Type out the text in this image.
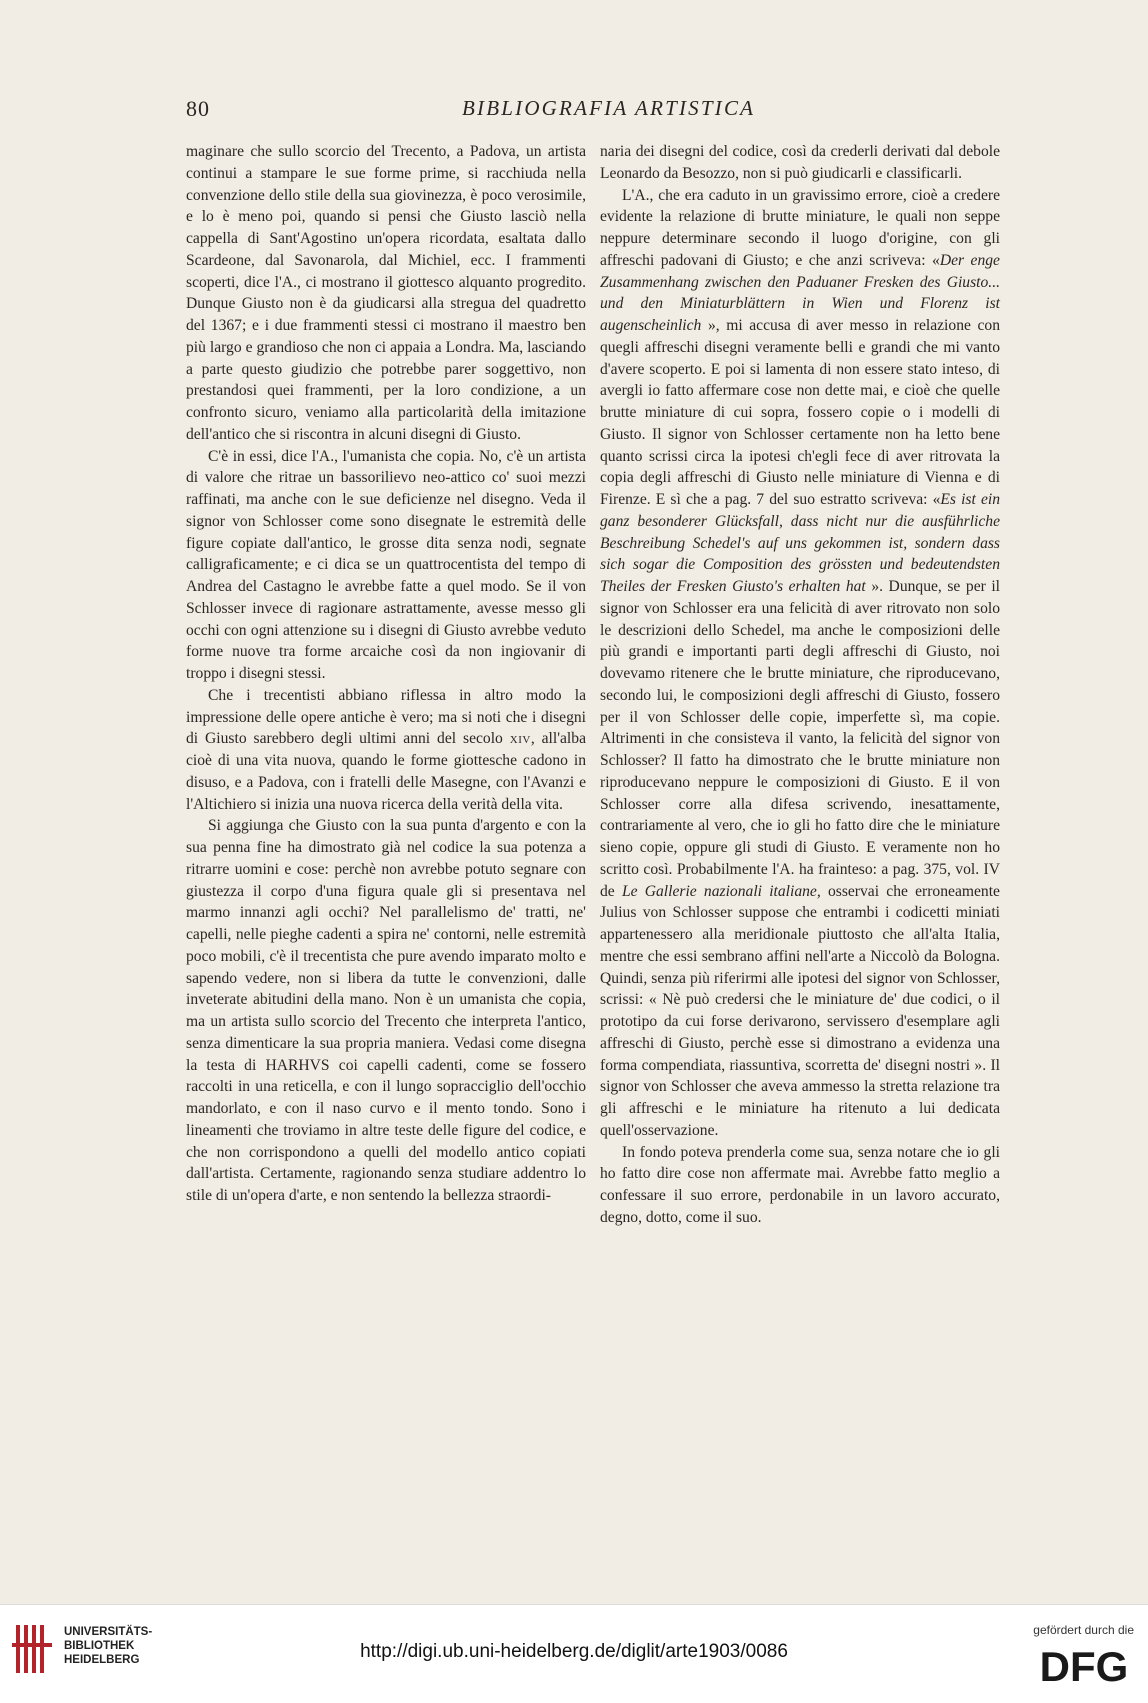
80	BIBLIOGRAFIA ARTISTICA

maginare che sullo scorcio del Trecento, a Padova, un artista continui a stampare le sue forme prime, si racchiuda nella convenzione dello stile della sua giovinezza, è poco verosimile, e lo è meno poi, quando si pensi che Giusto lasciò nella cappella di Sant'Agostino un'opera ricordata, esaltata dallo Scardeone, dal Savonarola, dal Michiel, ecc. I frammenti scoperti, dice l'A., ci mostrano il giottesco alquanto progredito. Dunque Giusto non è da giudicarsi alla stregua del quadretto del 1367; e i due frammenti stessi ci mostrano il maestro ben più largo e grandioso che non ci appaia a Londra. Ma, lasciando a parte questo giudizio che potrebbe parer soggettivo, non prestandosi quei frammenti, per la loro condizione, a un confronto sicuro, veniamo alla particolarità della imitazione dell'antico che si riscontra in alcuni disegni di Giusto.

C'è in essi, dice l'A., l'umanista che copia. No, c'è un artista di valore che ritrae un bassorilievo neo-attico co' suoi mezzi raffinati, ma anche con le sue deficienze nel disegno. Veda il signor von Schlosser come sono disegnate le estremità delle figure copiate dall'antico, le grosse dita senza nodi, segnate calligraficamente; e ci dica se un quattrocentista del tempo di Andrea del Castagno le avrebbe fatte a quel modo. Se il von Schlosser invece di ragionare astrattamente, avesse messo gli occhi con ogni attenzione su i disegni di Giusto avrebbe veduto forme nuove tra forme arcaiche così da non ingiovanir di troppo i disegni stessi.

Che i trecentisti abbiano riflessa in altro modo la impressione delle opere antiche è vero; ma si noti che i disegni di Giusto sarebbero degli ultimi anni del secolo xiv, all'alba cioè di una vita nuova, quando le forme giottesche cadono in disuso, e a Padova, con i fratelli delle Masegne, con l'Avanzi e l'Altichiero si inizia una nuova ricerca della verità della vita.

Si aggiunga che Giusto con la sua punta d'argento e con la sua penna fine ha dimostrato già nel codice la sua potenza a ritrarre uomini e cose: perchè non avrebbe potuto segnare con giustezza il corpo d'una figura quale gli si presentava nel marmo innanzi agli occhi? Nel parallelismo de' tratti, ne' capelli, nelle pieghe cadenti a spira ne' contorni, nelle estremità poco mobili, c'è il trecentista che pure avendo imparato molto e sapendo vedere, non si libera da tutte le convenzioni, dalle inveterate abitudini della mano. Non è un umanista che copia, ma un artista sullo scorcio del Trecento che interpreta l'antico, senza dimenticare la sua propria maniera. Vedasi come disegna la testa di HARHVS coi capelli cadenti, come se fossero raccolti in una reticella, e con il lungo sopracciglio dell'occhio mandorlato, e con il naso curvo e il mento tondo. Sono i lineamenti che troviamo in altre teste delle figure del codice, e che non corrispondono a quelli del modello antico copiati dall'artista. Certamente, ragionando senza studiare addentro lo stile di un'opera d'arte, e non sentendo la bellezza straordi-

naria dei disegni del codice, così da crederli derivati dal debole Leonardo da Besozzo, non si può giudicarli e classificarli.

L'A., che era caduto in un gravissimo errore, cioè a credere evidente la relazione di brutte miniature, le quali non seppe neppure determinare secondo il luogo d'origine, con gli affreschi padovani di Giusto; e che anzi scriveva: «Der enge Zusammenhang zwischen den Paduaner Fresken des Giusto... und den Miniaturblättern in Wien und Florenz ist augenscheinlich », mi accusa di aver messo in relazione con quegli affreschi disegni veramente belli e grandi che mi vanto d'avere scoperto. E poi si lamenta di non essere stato inteso, di avergli io fatto affermare cose non dette mai, e cioè che quelle brutte miniature di cui sopra, fossero copie o i modelli di Giusto. Il signor von Schlosser certamente non ha letto bene quanto scrissi circa la ipotesi ch'egli fece di aver ritrovata la copia degli affreschi di Giusto nelle miniature di Vienna e di Firenze. E sì che a pag. 7 del suo estratto scriveva: «Es ist ein ganz besonderer Glücksfall, dass nicht nur die ausführliche Beschreibung Schedel's auf uns gekommen ist, sondern dass sich sogar die Composition des grössten und bedeutendsten Theiles der Fresken Giusto's erhalten hat ». Dunque, se per il signor von Schlosser era una felicità di aver ritrovato non solo le descrizioni dello Schedel, ma anche le composizioni delle più grandi e importanti parti degli affreschi di Giusto, noi dovevamo ritenere che le brutte miniature, che riproducevano, secondo lui, le composizioni degli affreschi di Giusto, fossero per il von Schlosser delle copie, imperfette sì, ma copie. Altrimenti in che consisteva il vanto, la felicità del signor von Schlosser? Il fatto ha dimostrato che le brutte miniature non riproducevano neppure le composizioni di Giusto. E il von Schlosser corre alla difesa scrivendo, inesattamente, contrariamente al vero, che io gli ho fatto dire che le miniature sieno copie, oppure gli studi di Giusto. E veramente non ho scritto così. Probabilmente l'A. ha frainteso: a pag. 375, vol. IV de Le Gallerie nazionali italiane, osservai che erroneamente Julius von Schlosser suppose che entrambi i codicetti miniati appartenessero alla meridionale piuttosto che all'alta Italia, mentre che essi sembrano affini nell'arte a Niccolò da Bologna. Quindi, senza più riferirmi alle ipotesi del signor von Schlosser, scrissi: « Nè può credersi che le miniature de' due codici, o il prototipo da cui forse derivarono, servissero d'esemplare agli affreschi di Giusto, perchè esse si dimostrano a evidenza una forma compendiata, riassuntiva, scorretta de' disegni nostri ». Il signor von Schlosser che aveva ammesso la stretta relazione tra gli affreschi e le miniature ha ritenuto a lui dedicata quell'osservazione.

In fondo poteva prenderla come sua, senza notare che io gli ho fatto dire cose non affermate mai. Avrebbe fatto meglio a confessare il suo errore, perdonabile in un lavoro accurato, degno, dotto, come il suo.

UNIVERSITÄTS-
BIBLIOTHEK
HEIDELBERG	http://digi.ub.uni-heidelberg.de/diglit/arte1903/0086
gefördert durch die
DFG
